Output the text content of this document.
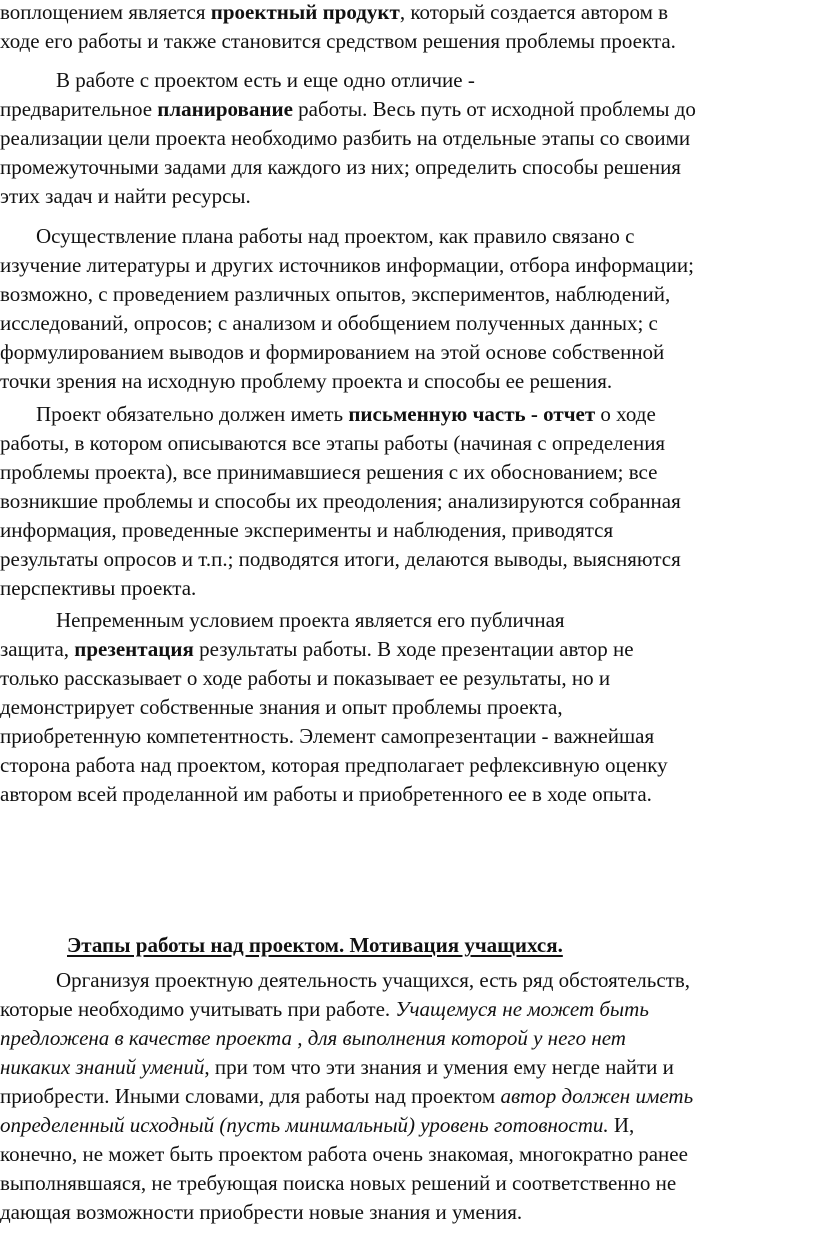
воплощением является проектный продукт, который создается автором в
ходе его работы и также становится средством решения проблемы проекта.
В работе с проектом есть и еще одно отличие -
предварительное планирование работы. Весь путь от исходной проблемы до
реализации цели проекта необходимо разбить на отдельные этапы со своими
промежуточными задами для каждого из них; определить способы решения
этих задач и найти ресурсы.
Осуществление плана работы над проектом, как правило связано с
изучение литературы и других источников информации, отбора информации;
возможно, с проведением различных опытов, экспериментов, наблюдений,
исследований, опросов; с анализом и обобщением полученных данных; с
формулированием выводов и формированием на этой основе собственной
точки зрения на исходную проблему проекта и способы ее решения.
Проект обязательно должен иметь письменную часть - отчет о ходе
работы, в котором описываются все этапы работы (начиная с определения
проблемы проекта), все принимавшиеся решения с их обоснованием; все
возникшие проблемы и способы их преодоления; анализируются собранная
информация, проведенные эксперименты и наблюдения, приводятся
результаты опросов и т.п.; подводятся итоги, делаются выводы, выясняются
перспективы проекта.
Непременным условием проекта является его публичная
защита, презентация результаты работы. В ходе презентации автор не
только рассказывает о ходе работы и показывает ее результаты, но и
демонстрирует собственные знания и опыт проблемы проекта,
приобретенную компетентность. Элемент самопрезентации - важнейшая
сторона работа над проектом, которая предполагает рефлексивную оценку
автором всей проделанной им работы и приобретенного ее в ходе опыта.
Этапы работы над проектом. Мотивация учащихся.
Организуя проектную деятельность учащихся, есть ряд обстоятельств,
которые необходимо учитывать при работе. Учащемуся не может быть
предложена в качестве проекта , для выполнения которой у него нет
никаких знаний умений, при том что эти знания и умения ему негде найти и
приобрести. Иными словами, для работы над проектом автор должен иметь
определенный исходный (пусть минимальный) уровень готовности. И,
конечно, не может быть проектом работа очень знакомая, многократно ранее
выполнявшаяся, не требующая поиска новых решений и соответственно не
дающая возможности приобрести новые знания и умения.
